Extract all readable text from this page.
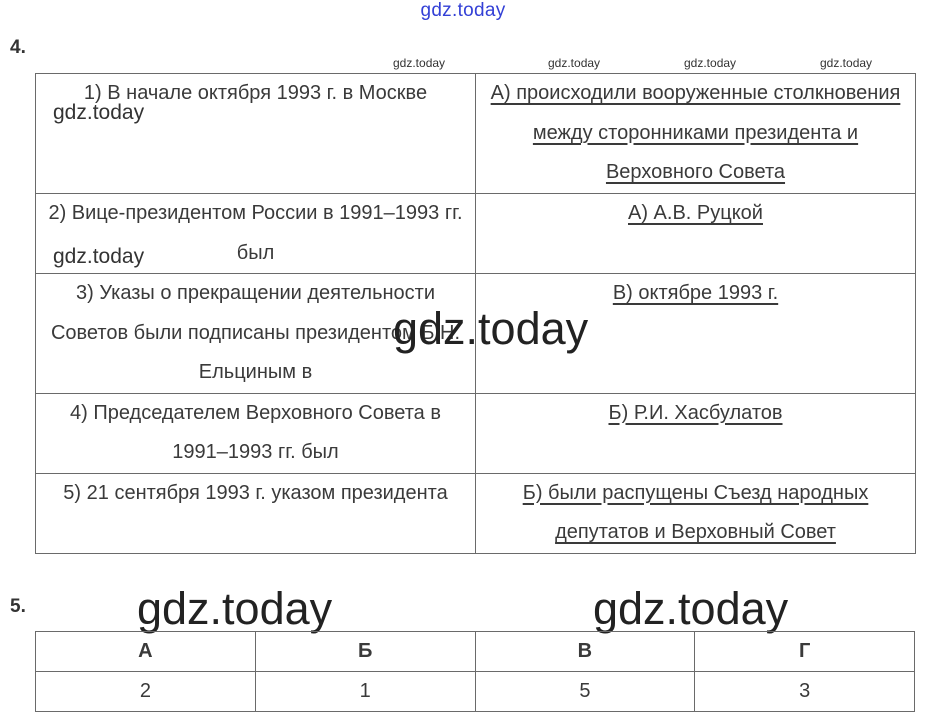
gdz.today
4.
gdz.today	gdz.today	gdz.today	gdz.today
1) В начале октября 1993 г. в Москве	А) происходили вооруженные столкновения между сторонниками президента и Верховного Совета
2) Вице-президентом России в 1991–1993 гг. был	А) А.В. Руцкой
3) Указы о прекращении деятельности Советов были подписаны президентом Б.Н. Ельциным в	В) октябре 1993 г.
4) Председателем Верховного Совета в 1991–1993 гг. был	Б) Р.И. Хасбулатов
5) 21 сентября 1993 г. указом президента	Б) были распущены Съезд народных депутатов и Верховный Совет
gdz.today
gdz.today
gdz.today
5. gdz.today	gdz.today
А	Б	В	Г
2	1	5	3
